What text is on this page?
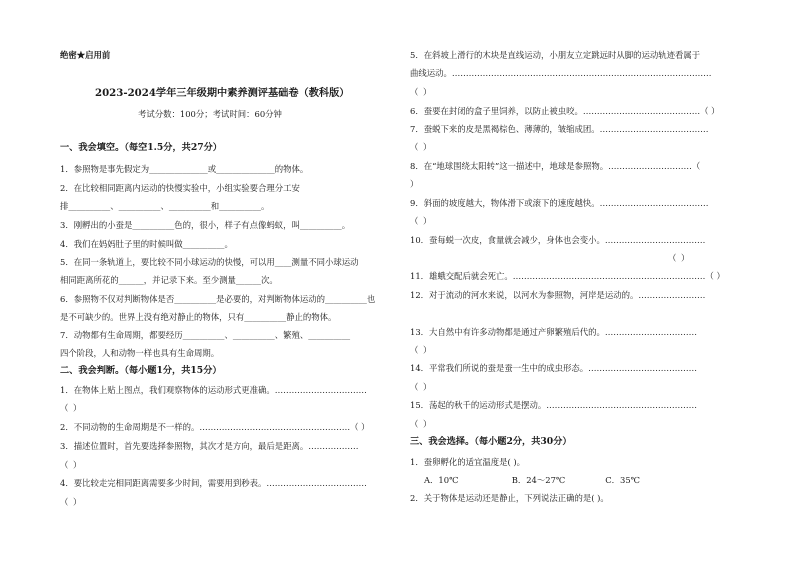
绝密★启用前
2023-2024学年三年级期中素养测评基础卷（教科版）
考试分数：100分；考试时间：60分钟
一、我会填空。（每空1.5分，共27分）
1．参照物是事先假定为______________或______________的物体。
2．在比较相同距离内运动的快慢实验中，小组实验要合理分工安
排__________、__________、__________和__________。
3．刚孵出的小蚕是__________色的，很小，样子有点像蚂蚁，叫__________。
4．我们在妈妈肚子里的时候叫做__________。
5．在同一条轨道上，要比较不同小球运动的快慢，可以用____测量不同小球运动
相同距离所花的______，并记录下来。至少测量______次。
6．参照物不仅对判断物体是否__________是必要的，对判断物体运动的__________也
是不可缺少的。世界上没有绝对静止的物体，只有__________静止的物体。
7．动物都有生命周期，都要经历__________、__________、繁殖、__________
四个阶段，人和动物一样也具有生命周期。
二、我会判断。（每小题1分，共15分）
1．在物体上贴上图点，我们观察物体的运动形式更准确。……………………………
（ ）
2．不同动物的生命周期是不一样的。………………………………………………（ ）
3．描述位置时，首先要选择参照物，其次才是方向，最后是距离。………………
（ ）
4．要比较走完相同距离需要多少时间，需要用到秒表。………………………………
（ ）
5．在斜坡上滑行的木块是直线运动，小朋友立定跳远时从脚的运动轨迹看属于
曲线运动。…………………………………………………………………………………
（ ）
6．蚕要在封闭的盒子里饲养，以防止被虫咬。……………………………………（ ）
7．蚕蜕下来的皮是黑褐棕色、薄薄的，皱缩成团。…………………………………
（ ）
8．在“地球围绕太阳转”这一描述中，地球是参照物。…………………………（
）
9．斜面的坡度越大，物体滑下或滚下的速度越快。…………………………………
（ ）
10．蚕每蜕一次皮，食量就会减少，身体也会变小。………………………………
（ ）
11．雄蛾交配后就会死亡。……………………………………………………………（ ）
12．对于流动的河水来说，以河水为参照物，河岸是运动的。……………………
13．大自然中有许多动物都是通过产卵繁殖后代的。……………………………
（ ）
14．平常我们所说的蚕是蚕一生中的成虫形态。…………………………………
（ ）
15．荡起的秋千的运动形式是摆动。………………………………………………
（ ）
三、我会选择。（每小题2分，共30分）
1．蚕卵孵化的适宜温度是( )。
A．10℃                    B．24～27℃               C．35℃
2．关于物体是运动还是静止，下列说法正确的是( )。
